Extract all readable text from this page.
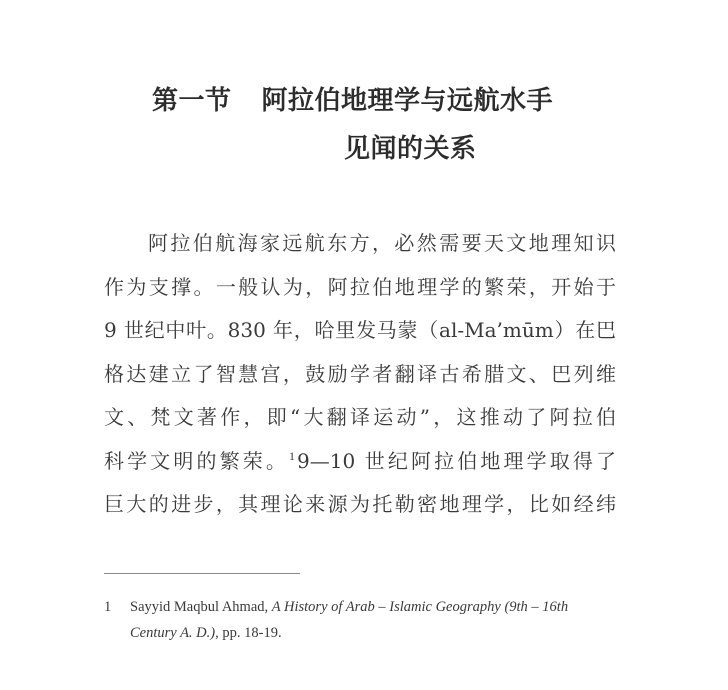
第一节 阿拉伯地理学与远航水手
见闻的关系
阿拉伯航海家远航东方，必然需要天文地理知识
作为支撑。一般认为，阿拉伯地理学的繁荣，开始于
9 世纪中叶。830 年，哈里发马蒙（al-Ma’mūm）在巴
格达建立了智慧宫，鼓励学者翻译古希腊文、巴列维
文、梵文著作，即“大翻译运动”，这推动了阿拉伯
科学文明的繁荣。$^1$ 9—10 世纪阿拉伯地理学取得了
巨大的进步，其理论来源为托勒密地理学，比如经纬
1 Sayyid Maqbul Ahmad, A History of Arab – Islamic Geography (9th – 16th
Century A. D.), pp. 18-19.
